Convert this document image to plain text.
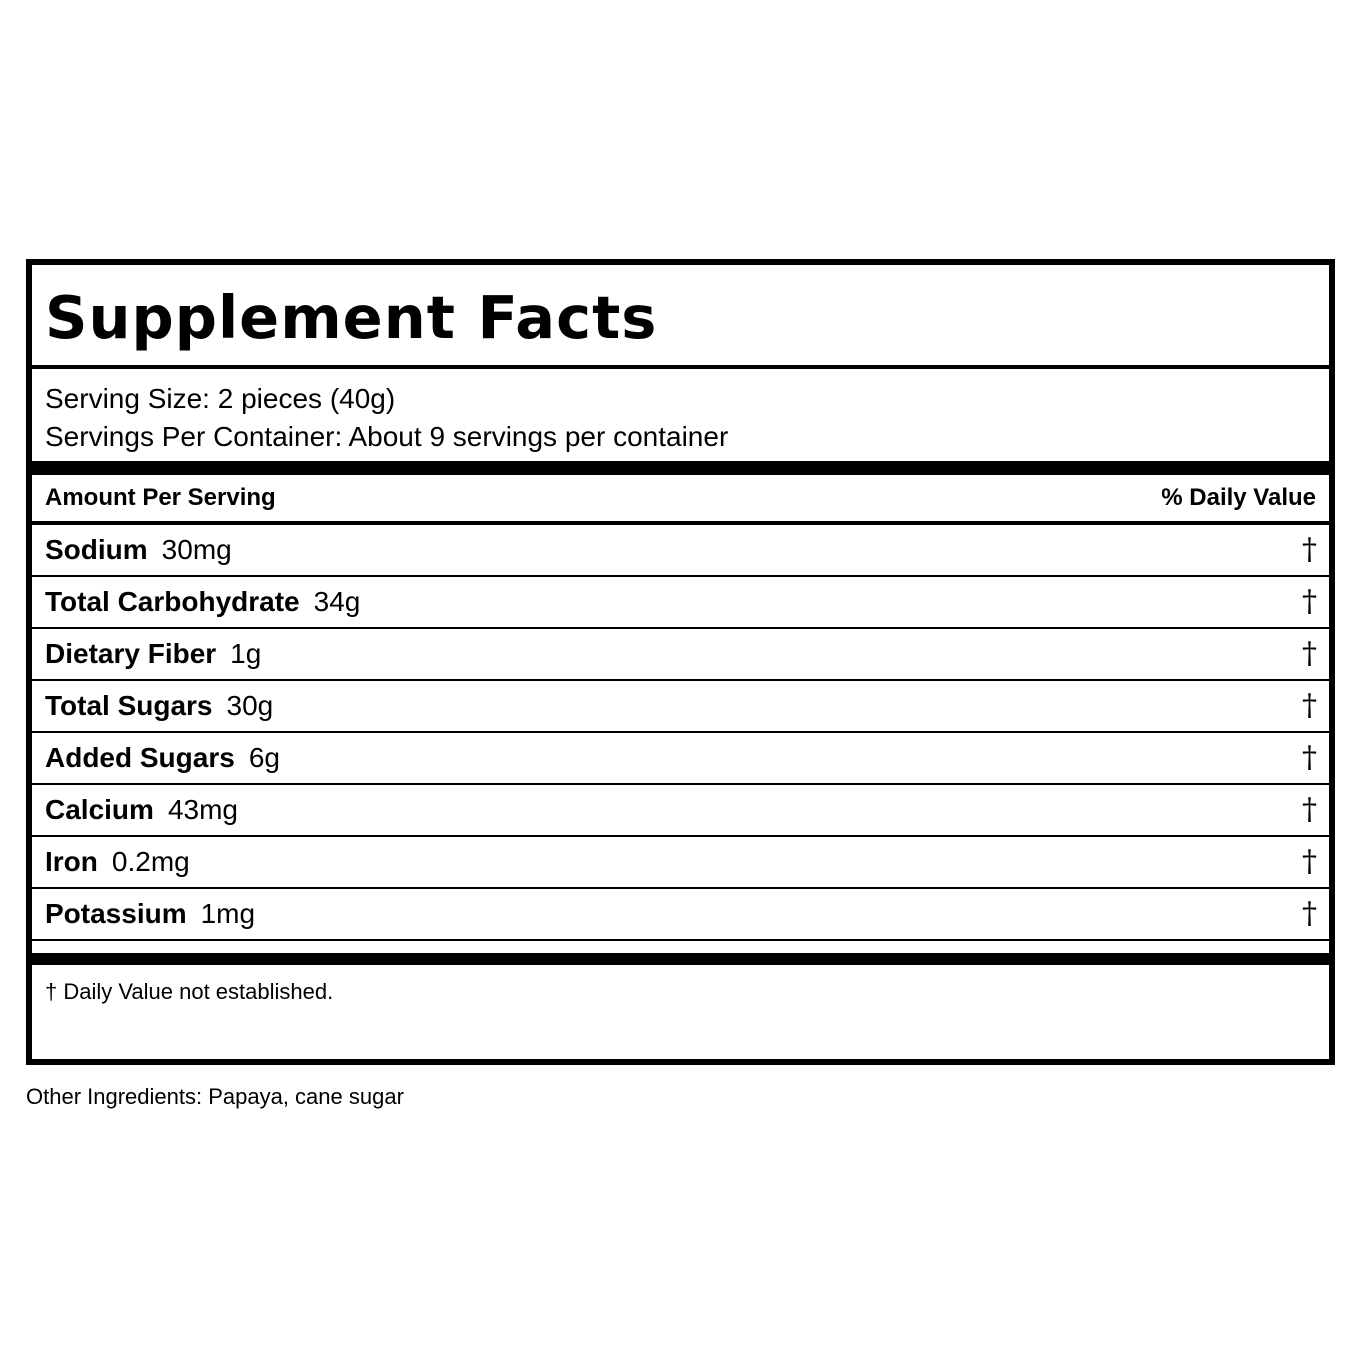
Supplement Facts
Serving Size: 2 pieces (40g)
Servings Per Container: About 9 servings per container
Amount Per Serving	% Daily Value
Sodium 30mg	†
Total Carbohydrate 34g	†
Dietary Fiber 1g	†
Total Sugars 30g	†
Added Sugars 6g	†
Calcium 43mg	†
Iron 0.2mg	†
Potassium 1mg	†
† Daily Value not established.
Other Ingredients: Papaya, cane sugar
